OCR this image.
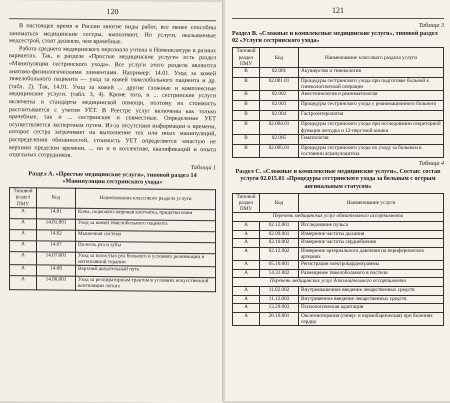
120

В настоящее время в России многие виды работ, все менее способны заниматься медицинские сестры, выполняют. Но услуги, оказываемые медсестрой, стоят дешевле, чем врачебные.

Работа среднего медицинского персонала учтена в Номенклатуре в разных вариантах. Так, в разделе «Простые медицинские услуги» есть раздел «Манипуляции сестринского ухода». Все услуги этого раздела являются анатомо-физиологическими элементами. Например: 14.01. Уход за кожей тяжелобольного пациента — уход за кожей тяжелобольного пациента и др. (табл. 2). Так, 14.01. Уход за кожей ... другие сложные и комплексные медицинские услуги. (табл. 3, 4). Кроме того, в ... сестринские услуги включены в стандарты медицинской помощи, поэтому их стоимость рассчитывается с учетом УЕТ. В Реестре услуг включены как только врачебные, так и ... сестринские и совместные. Определение УЕТ осуществляется экспертным путем. Из-за отсутствия информации о времени, которое сестра затрачивает на выполнение тех или иных манипуляций, распределения обязанностей, стоимость УЕТ определяется зачастую не верхним пределом времени, ... но и в коллективе, квалификаций и опыта отдельных сотрудников.

Таблица 1
Раздел А. «Простые медицинские услуги», типовой раздел 14 «Манипуляции сестринского ухода»
Типовой раздел ПМУ	Код	Наименование классового раздела услуги
А	14.01	Кожа, подкожно-жировая клетчатка, придатки кожи
А	14.01.001	Уход за кожей тяжелобольного пациента
А	14.02	Мышечная система
А	14.07	Полость рта и зубы
А	14.07.001	Уход за полостью рта больного в условиях реанимации и интенсивной терапии
А	14.08	Верхний дыхательный путь
А	14.08.001	Уход за респираторным трактом в условиях искусственной вентиляции легких
121
Таблица 3
Раздел В. «Сложные и комплексные медицинские услуги», типовой раздел 02 «Услуги сестринского ухода»
Типовой раздел ПМУ	Код	Наименование классового раздела услуги
В	02.001	Акушерство и гинекология
В	02.001.01	Процедуры сестринского ухода при подготовке больной к гинекологической операции
В	02.002	Анестезиология и реаниматология
В	02.003	Процедуры сестринского ухода у реанимационного больного
В	02.004	Гастроэнтерология
В	02.004.01	Процедуры сестринского ухода при исследовании секреторной функции желудка и 12-перстной кишки
В	02.005	Гематология
В	02.005.01	Процедуры сестринского ухода по уходу за больным в состоянии агранулоцитоза
Таблица 4
Раздел С. «Сложные и комплексные медицинские услуги», Состав: состав услуги 02.015.01 «Процедуры сестринского ухода за больным с острым ангинальным статусом»
Типовой раздел ПМУ	Код	Наименование услуги
Перечень медицинских услуг обязательного ассортимента		
А	02.12.001	Исследование пульса
А	02.09.001	Измерение частоты дыхания
А	02.10.002	Измерение частоты сердцебиения
А	02.12.002	Измерение артериального давления на периферических артериях
А	05.10.001	Регистрация электрокардиограммы
А	14.31.002	Размещение тяжелобольного в постели
Перечень медицинских услуг дополнительного ассортимента		
А	11.02.002	Внутримышечное введение лекарственных средств
А	11.12.003	Внутривенное введение лекарственных средств
А	13.29.003	Психологическая адаптация
А	20.10.001	Оксигенотерапия (гипер- и нормобарическая) при болезнях сердца
